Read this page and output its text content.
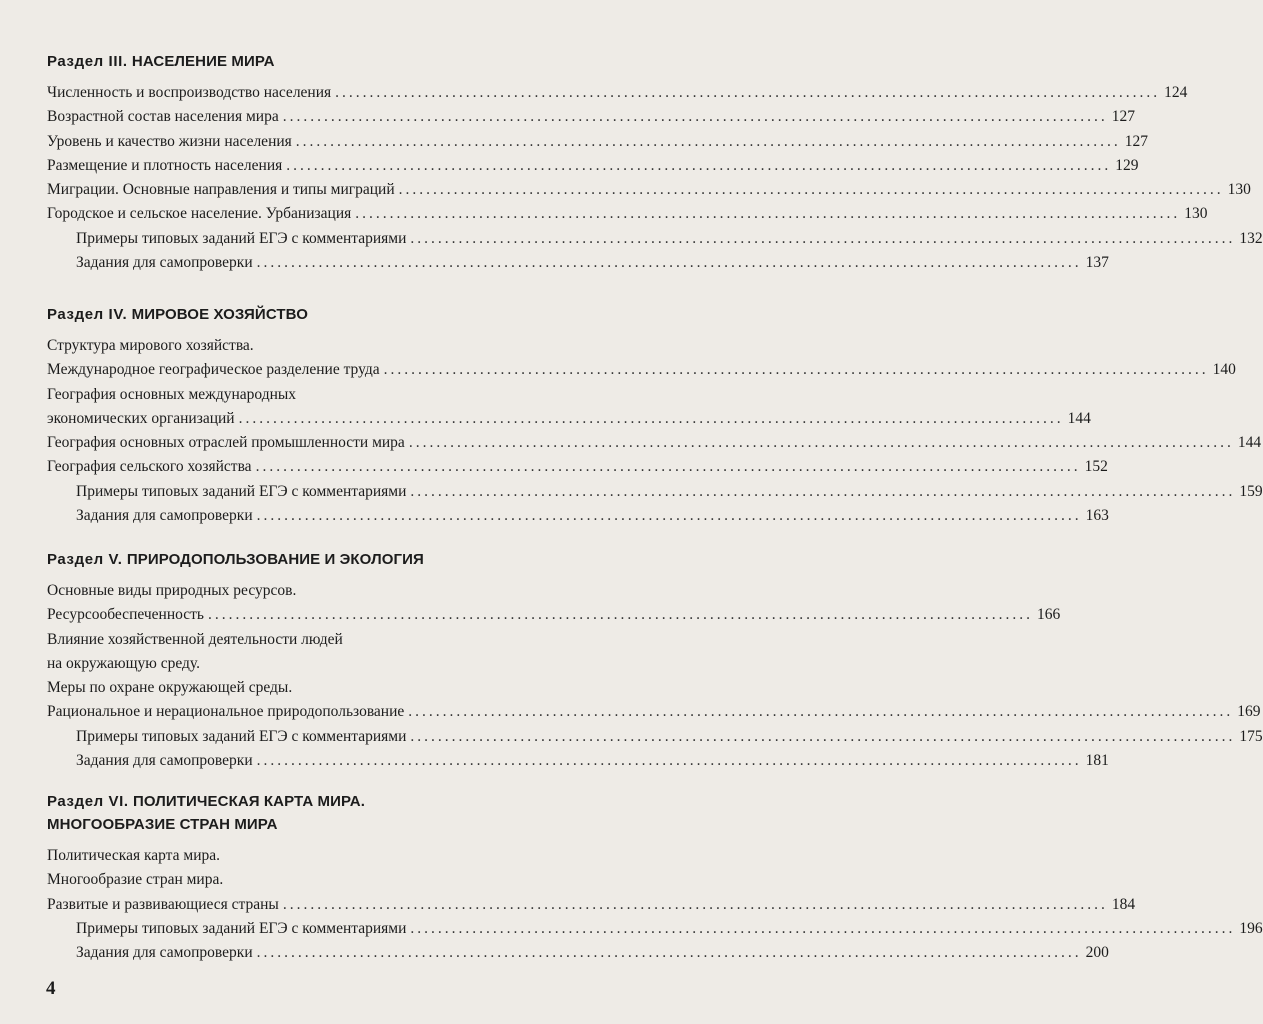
Раздел III. НАСЕЛЕНИЕ МИРА
Численность и воспроизводство населения ........................................................................................................................ 124
Возрастной состав населения мира ........................................................................................................................ 127
Уровень и качество жизни населения ........................................................................................................................ 127
Размещение и плотность населения ........................................................................................................................ 129
Миграции. Основные направления и типы миграций ........................................................................................................................ 130
Городское и сельское население. Урбанизация ........................................................................................................................ 130
Примеры типовых заданий ЕГЭ с комментариями ........................................................................................................................ 132
Задания для самопроверки ........................................................................................................................ 137
Раздел IV. МИРОВОЕ ХОЗЯЙСТВО
Структура мирового хозяйства.
Международное географическое разделение труда ........................................................................................................................ 140
География основных международных
экономических организаций ........................................................................................................................ 144
География основных отраслей промышленности мира ........................................................................................................................ 144
География сельского хозяйства ........................................................................................................................ 152
Примеры типовых заданий ЕГЭ с комментариями ........................................................................................................................ 159
Задания для самопроверки ........................................................................................................................ 163
Раздел V. ПРИРОДОПОЛЬЗОВАНИЕ И ЭКОЛОГИЯ
Основные виды природных ресурсов.
Ресурсообеспеченность ........................................................................................................................ 166
Влияние хозяйственной деятельности людей
на окружающую среду.
Меры по охране окружающей среды.
Рациональное и нерациональное природопользование ........................................................................................................................ 169
Примеры типовых заданий ЕГЭ с комментариями ........................................................................................................................ 175
Задания для самопроверки ........................................................................................................................ 181
Раздел VI. ПОЛИТИЧЕСКАЯ КАРТА МИРА.
МНОГООБРАЗИЕ СТРАН МИРА
Политическая карта мира.
Многообразие стран мира.
Развитые и развивающиеся страны ........................................................................................................................ 184
Примеры типовых заданий ЕГЭ с комментариями ........................................................................................................................ 196
Задания для самопроверки ........................................................................................................................ 200
4
